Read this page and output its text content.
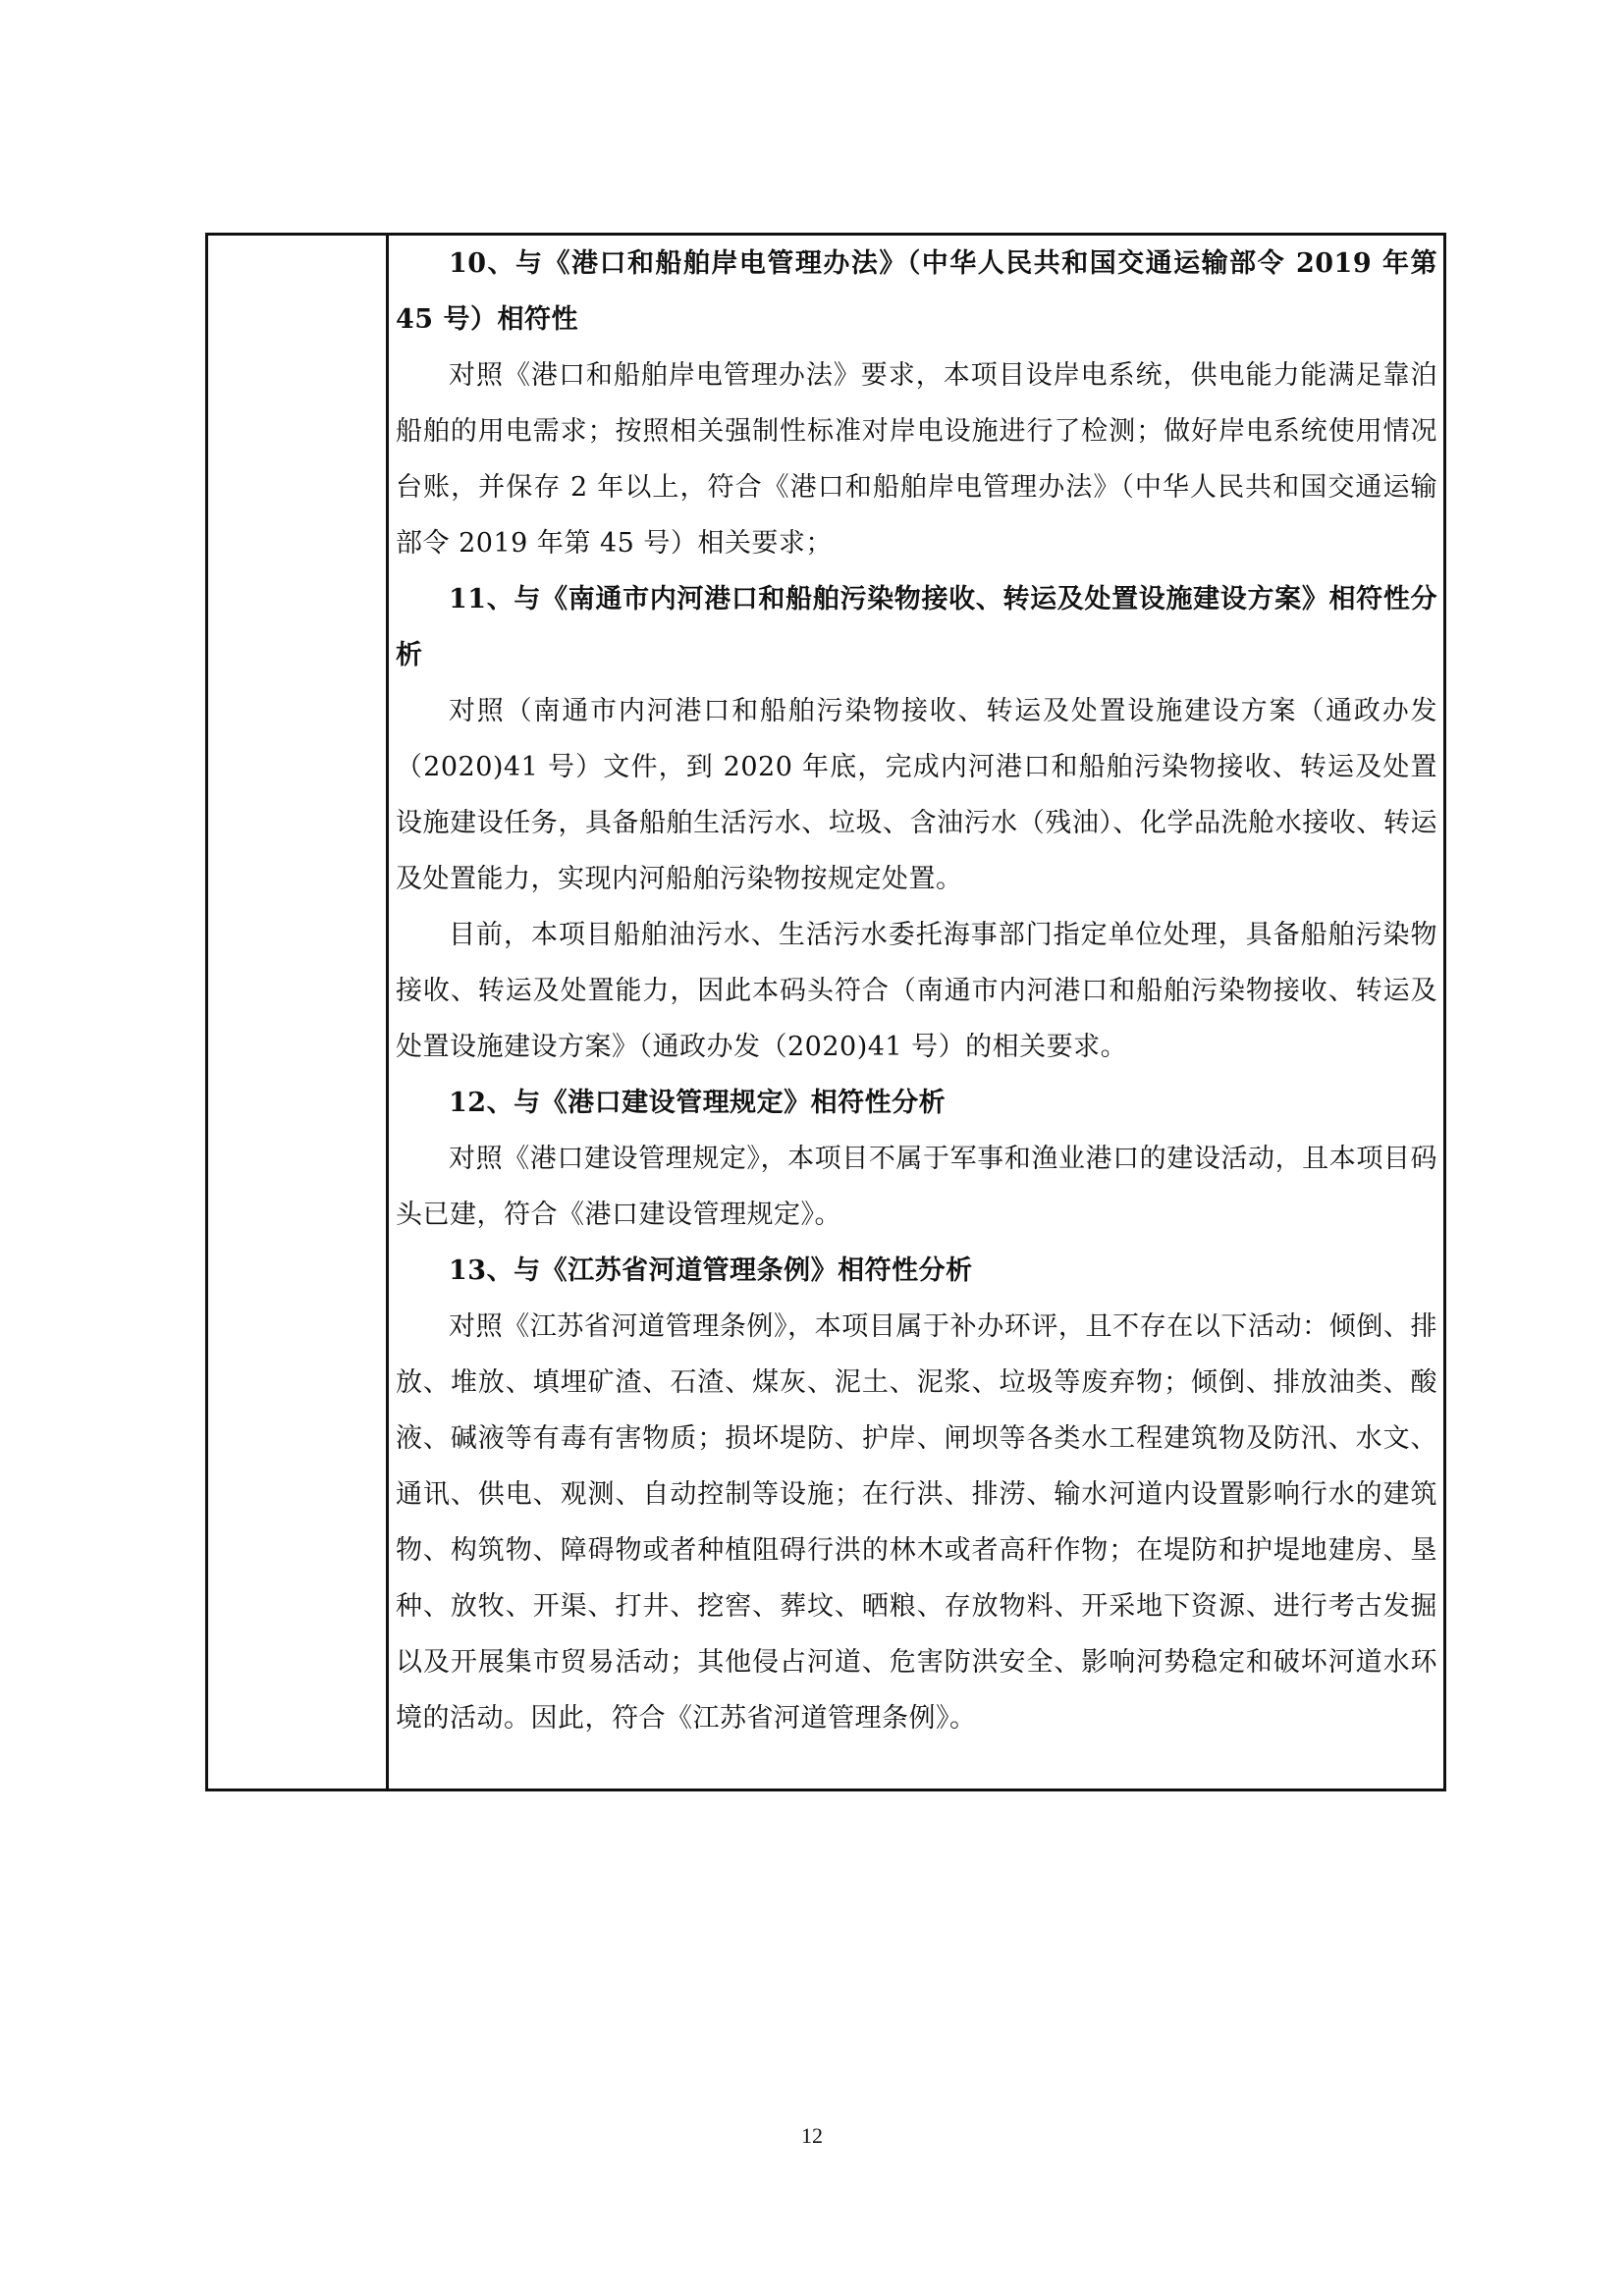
10、与《港口和船舶岸电管理办法》（中华人民共和国交通运输部令 2019 年第45 号）相符性

对照《港口和船舶岸电管理办法》要求，本项目设岸电系统，供电能力能满足靠泊船舶的用电需求；按照相关强制性标准对岸电设施进行了检测；做好岸电系统使用情况台账，并保存 2 年以上，符合《港口和船舶岸电管理办法》（中华人民共和国交通运输部令 2019 年第 45 号）相关要求；

11、与《南通市内河港口和船舶污染物接收、转运及处置设施建设方案》相符性分析

对照（南通市内河港口和船舶污染物接收、转运及处置设施建设方案（通政办发（2020)41 号）文件，到 2020 年底，完成内河港口和船舶污染物接收、转运及处置设施建设任务，具备船舶生活污水、垃圾、含油污水（残油）、化学品洗舱水接收、转运及处置能力，实现内河船舶污染物按规定处置。

目前，本项目船舶油污水、生活污水委托海事部门指定单位处理，具备船舶污染物接收、转运及处置能力，因此本码头符合（南通市内河港口和船舶污染物接收、转运及处置设施建设方案》（通政办发（2020)41 号）的相关要求。

12、与《港口建设管理规定》相符性分析

对照《港口建设管理规定》，本项目不属于军事和渔业港口的建设活动，且本项目码头已建，符合《港口建设管理规定》。

13、与《江苏省河道管理条例》相符性分析

对照《江苏省河道管理条例》，本项目属于补办环评，且不存在以下活动：倾倒、排放、堆放、填埋矿渣、石渣、煤灰、泥土、泥浆、垃圾等废弃物；倾倒、排放油类、酸液、碱液等有毒有害物质；损坏堤防、护岸、闸坝等各类水工程建筑物及防汛、水文、通讯、供电、观测、自动控制等设施；在行洪、排涝、输水河道内设置影响行水的建筑物、构筑物、障碍物或者种植阻碍行洪的林木或者高秆作物；在堤防和护堤地建房、垦种、放牧、开渠、打井、挖窖、葬坟、晒粮、存放物料、开采地下资源、进行考古发掘以及开展集市贸易活动；其他侵占河道、危害防洪安全、影响河势稳定和破坏河道水环境的活动。因此，符合《江苏省河道管理条例》。

12
